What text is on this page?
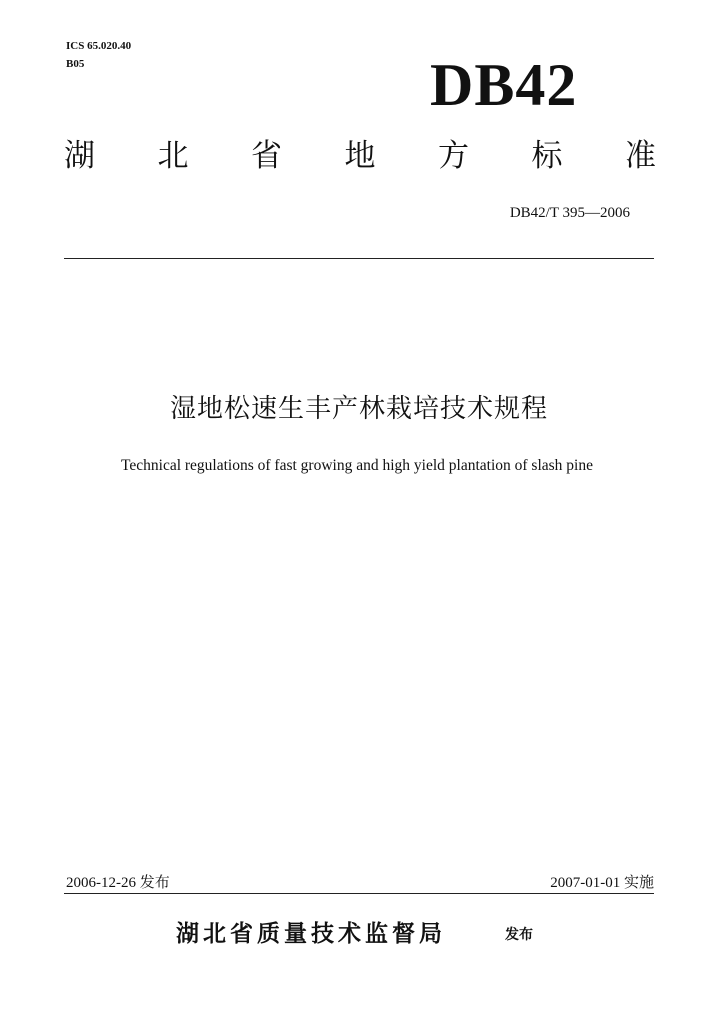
ICS 65.020.40
B05	DB42
湖 北 省 地 方 标 准
DB42/T 395—2006
湿地松速生丰产林栽培技术规程
Technical regulations of fast growing and high yield plantation of slash pine
2006-12-26 发布	2007-01-01 实施
湖北省质量技术监督局	发布
